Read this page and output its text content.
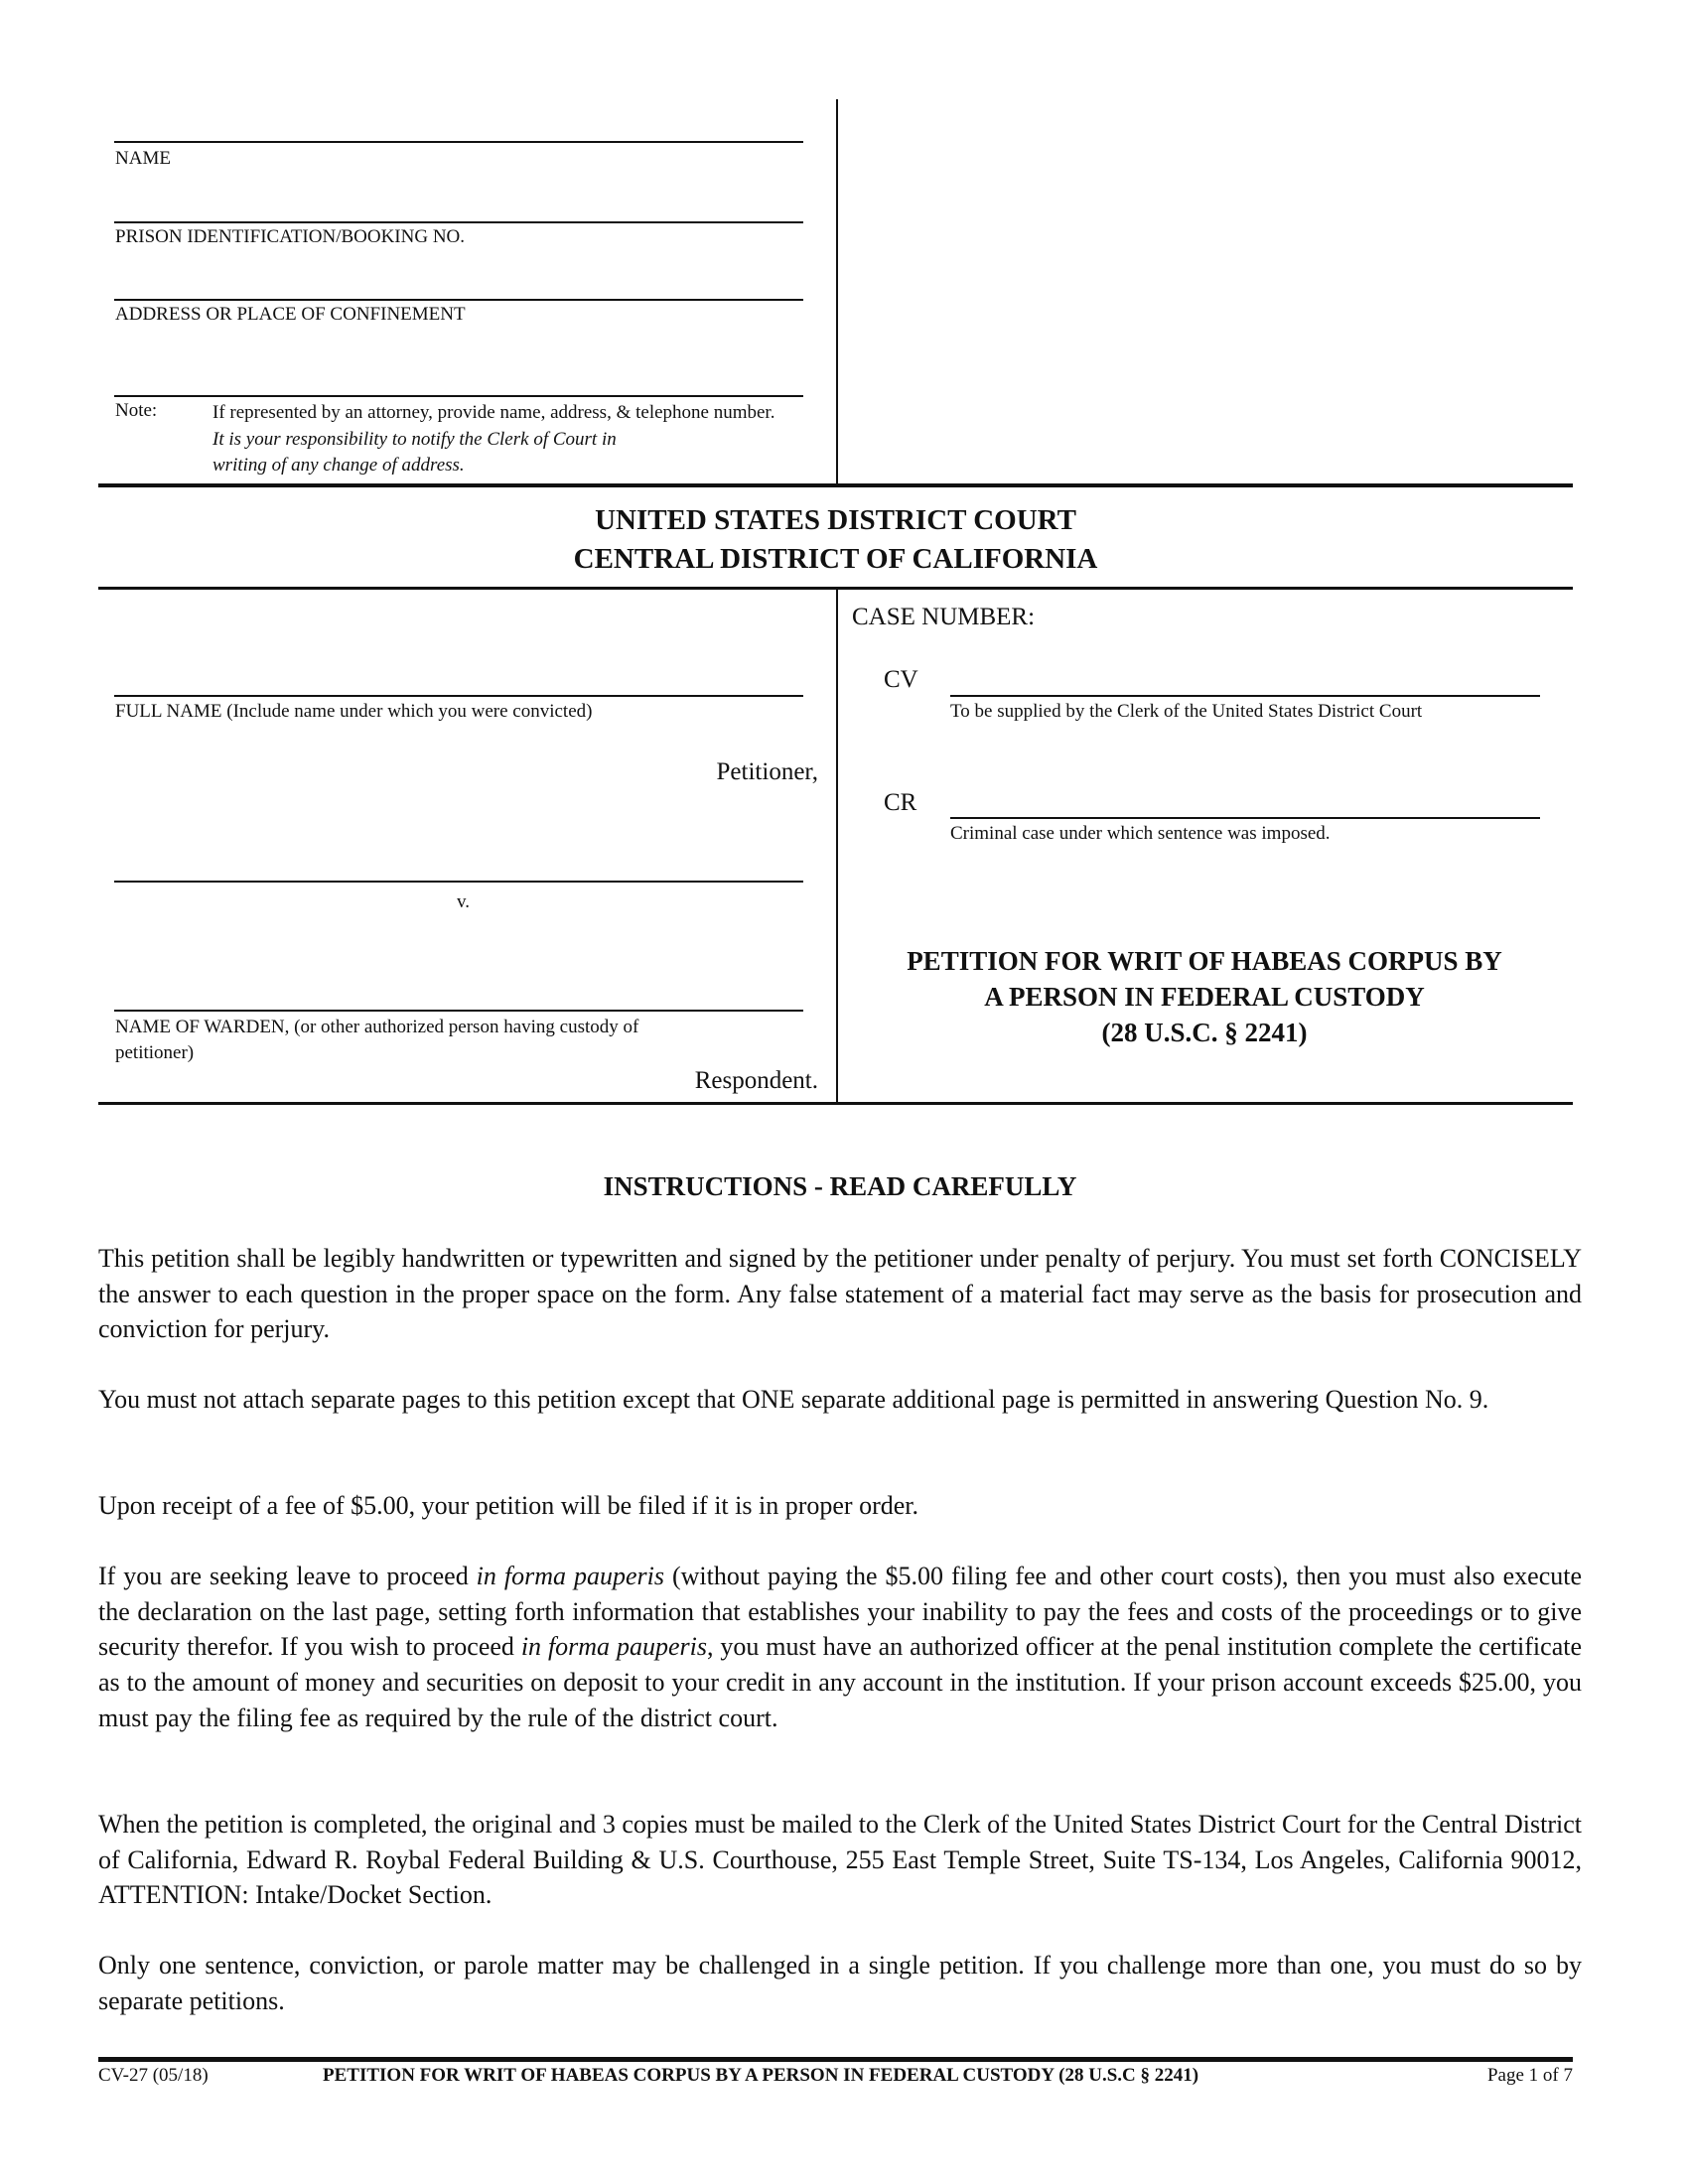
NAME
PRISON IDENTIFICATION/BOOKING NO.
ADDRESS OR PLACE OF CONFINEMENT
Note:	If represented by an attorney, provide name, address, & telephone number.
It is your responsibility to notify the Clerk of Court in
writing of any change of address.
UNITED STATES DISTRICT COURT
CENTRAL DISTRICT OF CALIFORNIA
FULL NAME (Include name under which you were convicted)
Petitioner,
v.
NAME OF WARDEN, (or other authorized person having custody of
petitioner)
Respondent.
CASE NUMBER:
CV
To be supplied by the Clerk of the United States District Court
CR
Criminal case under which sentence was imposed.
PETITION FOR WRIT OF HABEAS CORPUS BY
A PERSON IN FEDERAL CUSTODY
(28 U.S.C. § 2241)
INSTRUCTIONS - READ CAREFULLY
This petition shall be legibly handwritten or typewritten and signed by the petitioner under penalty of perjury. You must set forth CONCISELY the answer to each question in the proper space on the form. Any false statement of a material fact may serve as the basis for prosecution and conviction for perjury.
You must not attach separate pages to this petition except that ONE separate additional page is permitted in answering Question No. 9.
Upon receipt of a fee of $5.00, your petition will be filed if it is in proper order.
If you are seeking leave to proceed in forma pauperis (without paying the $5.00 filing fee and other court costs), then you must also execute the declaration on the last page, setting forth information that establishes your inability to pay the fees and costs of the proceedings or to give security therefor. If you wish to proceed in forma pauperis, you must have an authorized officer at the penal institution complete the certificate as to the amount of money and securities on deposit to your credit in any account in the institution. If your prison account exceeds $25.00, you must pay the filing fee as required by the rule of the district court.
When the petition is completed, the original and 3 copies must be mailed to the Clerk of the United States District Court for the Central District of California, Edward R. Roybal Federal Building & U.S. Courthouse, 255 East Temple Street, Suite TS-134, Los Angeles, California 90012, ATTENTION: Intake/Docket Section.
Only one sentence, conviction, or parole matter may be challenged in a single petition. If you challenge more than one, you must do so by separate petitions.
CV-27 (05/18)	PETITION FOR WRIT OF HABEAS CORPUS BY A PERSON IN FEDERAL CUSTODY (28 U.S.C § 2241)	Page 1 of 7
